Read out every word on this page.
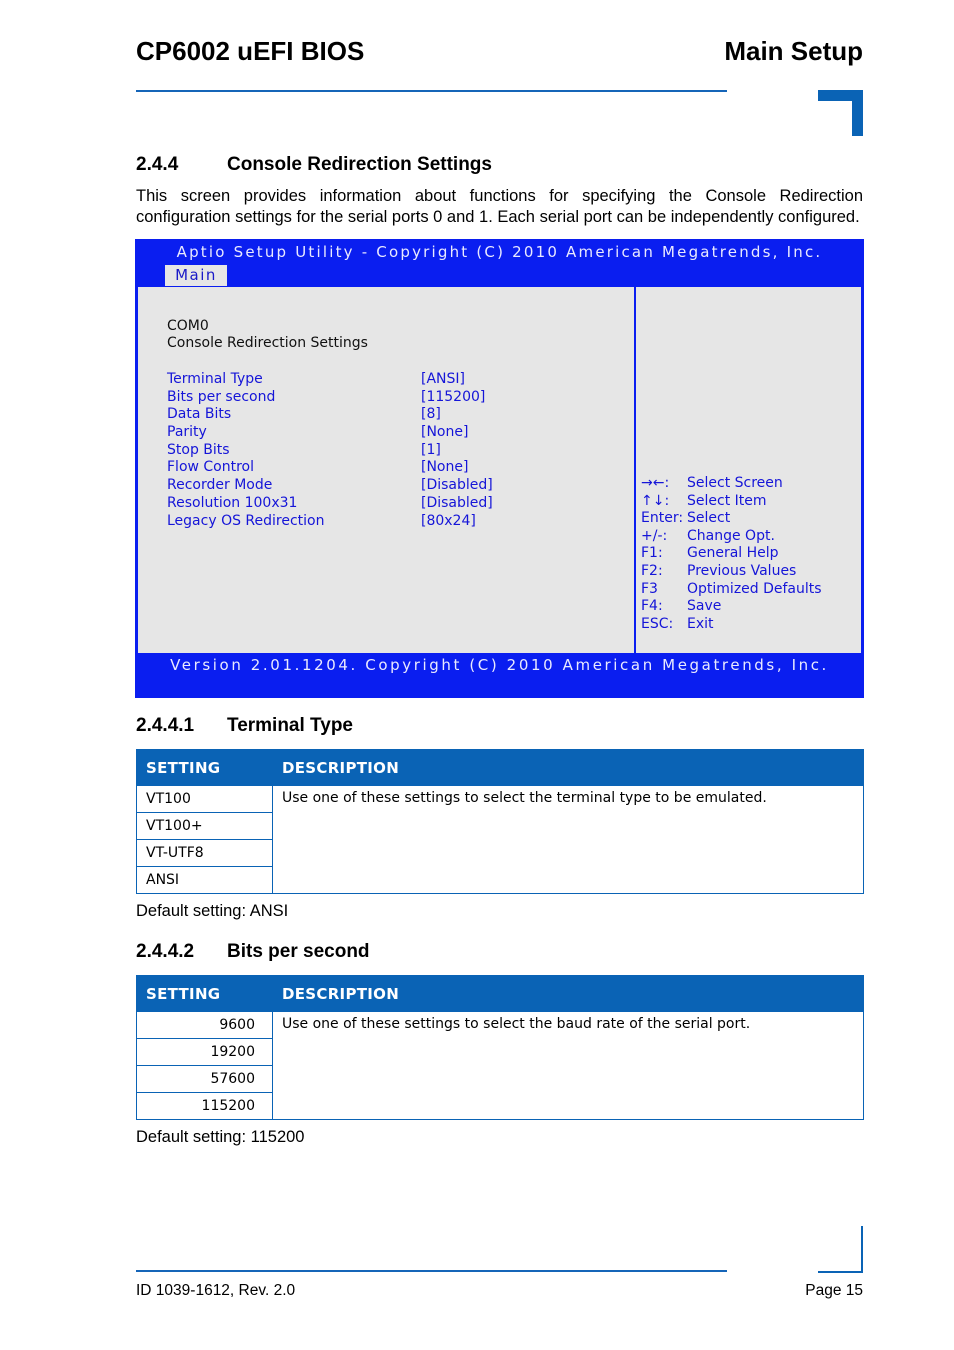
CP6002 uEFI BIOS	Main Setup
2.4.4	Console Redirection Settings

This screen provides information about functions for specifying the Console Redirection configuration settings for the serial ports 0 and 1. Each serial port can be independently configured.

Aptio Setup Utility - Copyright (C) 2010 American Megatrends, Inc.
Main
COM0
Console Redirection Settings
Terminal Type	[ANSI]
Bits per second	[115200]
Data Bits	[8]
Parity	[None]
Stop Bits	[1]
Flow Control	[None]
Recorder Mode	[Disabled]
Resolution 100x31	[Disabled]
Legacy OS Redirection	[80x24]
→←: Select Screen
↑↓: Select Item
Enter: Select
+/-: Change Opt.
F1: General Help
F2: Previous Values
F3 Optimized Defaults
F4: Save
ESC: Exit
Version 2.01.1204. Copyright (C) 2010 American Megatrends, Inc.
2.4.4.1 Terminal Type
SETTING	DESCRIPTION
VT100	Use one of these settings to select the terminal type to be emulated.
VT100+	
VT-UTF8	
ANSI	
Default setting: ANSI
2.4.4.2 Bits per second
SETTING	DESCRIPTION
9600	Use one of these settings to select the baud rate of the serial port.
19200	
57600	
115200	
Default setting: 115200
ID 1039-1612, Rev. 2.0	Page 15
